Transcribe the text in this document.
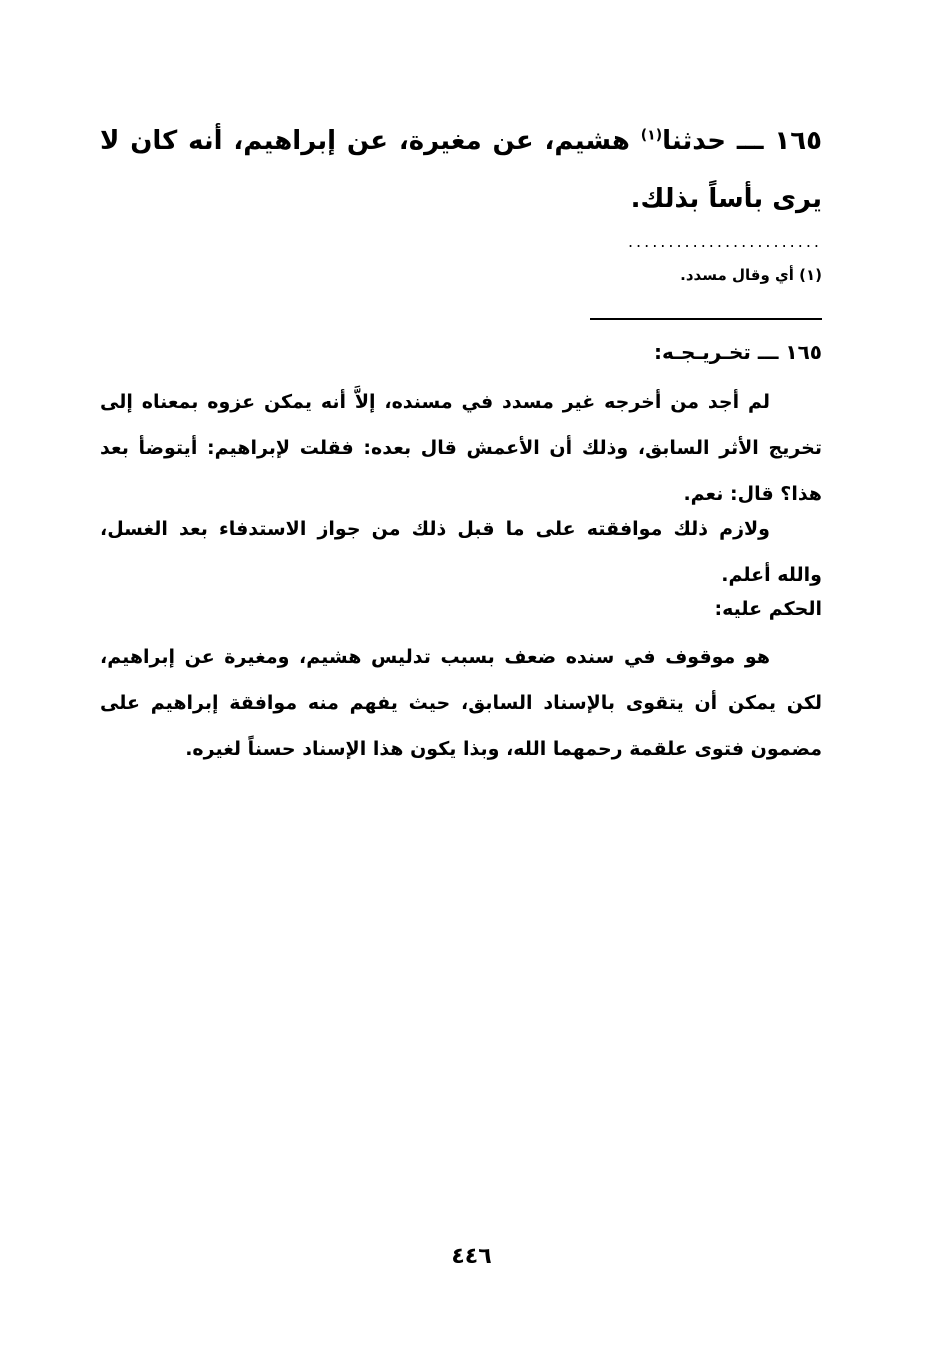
١٦٥ ـــ حدثنا$^{(١)}$ هشيم، عن مغيرة، عن إبراهيم، أنه كان لا يرى بأساً بذلك.
........................
(١) أي وقال مسدد.
١٦٥ ـــ تخـريـجـه:
لم أجد من أخرجه غير مسدد في مسنده، إلاَّ أنه يمكن عزوه بمعناه إلى تخريج الأثر السابق، وذلك أن الأعمش قال بعده: فقلت لإبراهيم: أيتوضأ بعد هذا؟ قال: نعم.
ولازم ذلك موافقته على ما قبل ذلك من جواز الاستدفاء بعد الغسل، والله أعلم.
الحكم عليه:
هو موقوف في سنده ضعف بسبب تدليس هشيم، ومغيرة عن إبراهيم، لكن يمكن أن يتقوى بالإسناد السابق، حيث يفهم منه موافقة إبراهيم على مضمون فتوى علقمة رحمهما الله، وبذا يكون هذا الإسناد حسناً لغيره.
٤٤٦
